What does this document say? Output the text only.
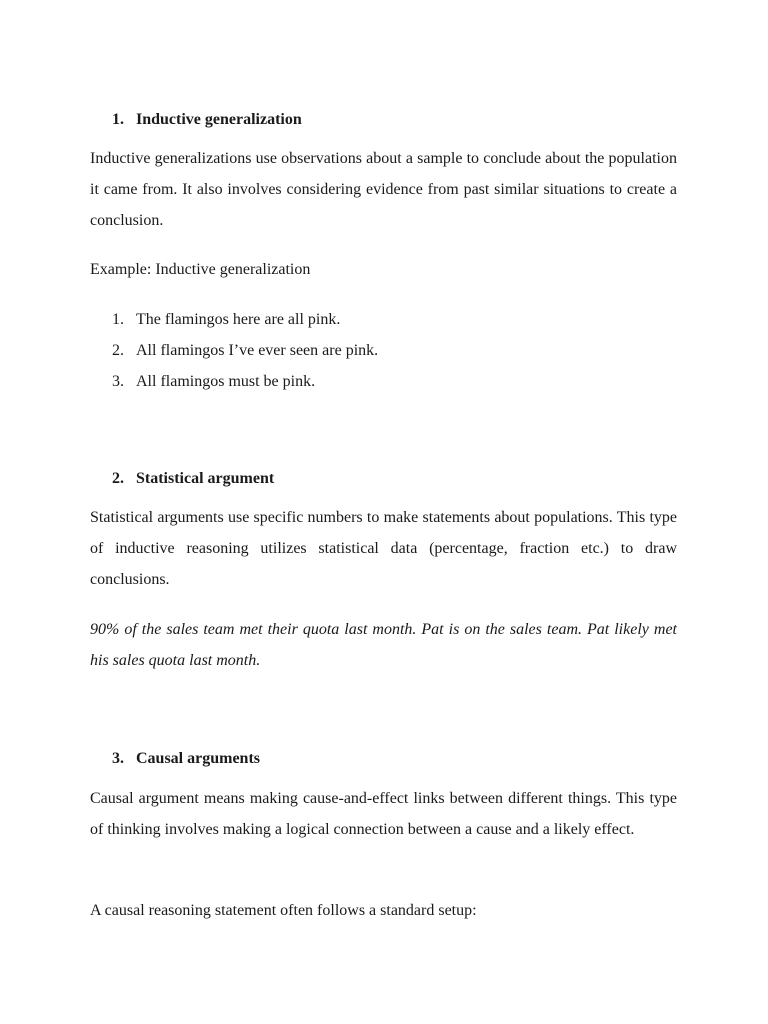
1. Inductive generalization

Inductive generalizations use observations about a sample to conclude about the population it came from. It also involves considering evidence from past similar situations to create a conclusion.

Example: Inductive generalization
1. The flamingos here are all pink.
2. All flamingos I’ve ever seen are pink.
3. All flamingos must be pink.
2. Statistical argument

Statistical arguments use specific numbers to make statements about populations. This type of inductive reasoning utilizes statistical data (percentage, fraction etc.) to draw conclusions.

90% of the sales team met their quota last month. Pat is on the sales team. Pat likely met his sales quota last month.

3. Causal arguments

Causal argument means making cause-and-effect links between different things. This type of thinking involves making a logical connection between a cause and a likely effect.

A causal reasoning statement often follows a standard setup:
